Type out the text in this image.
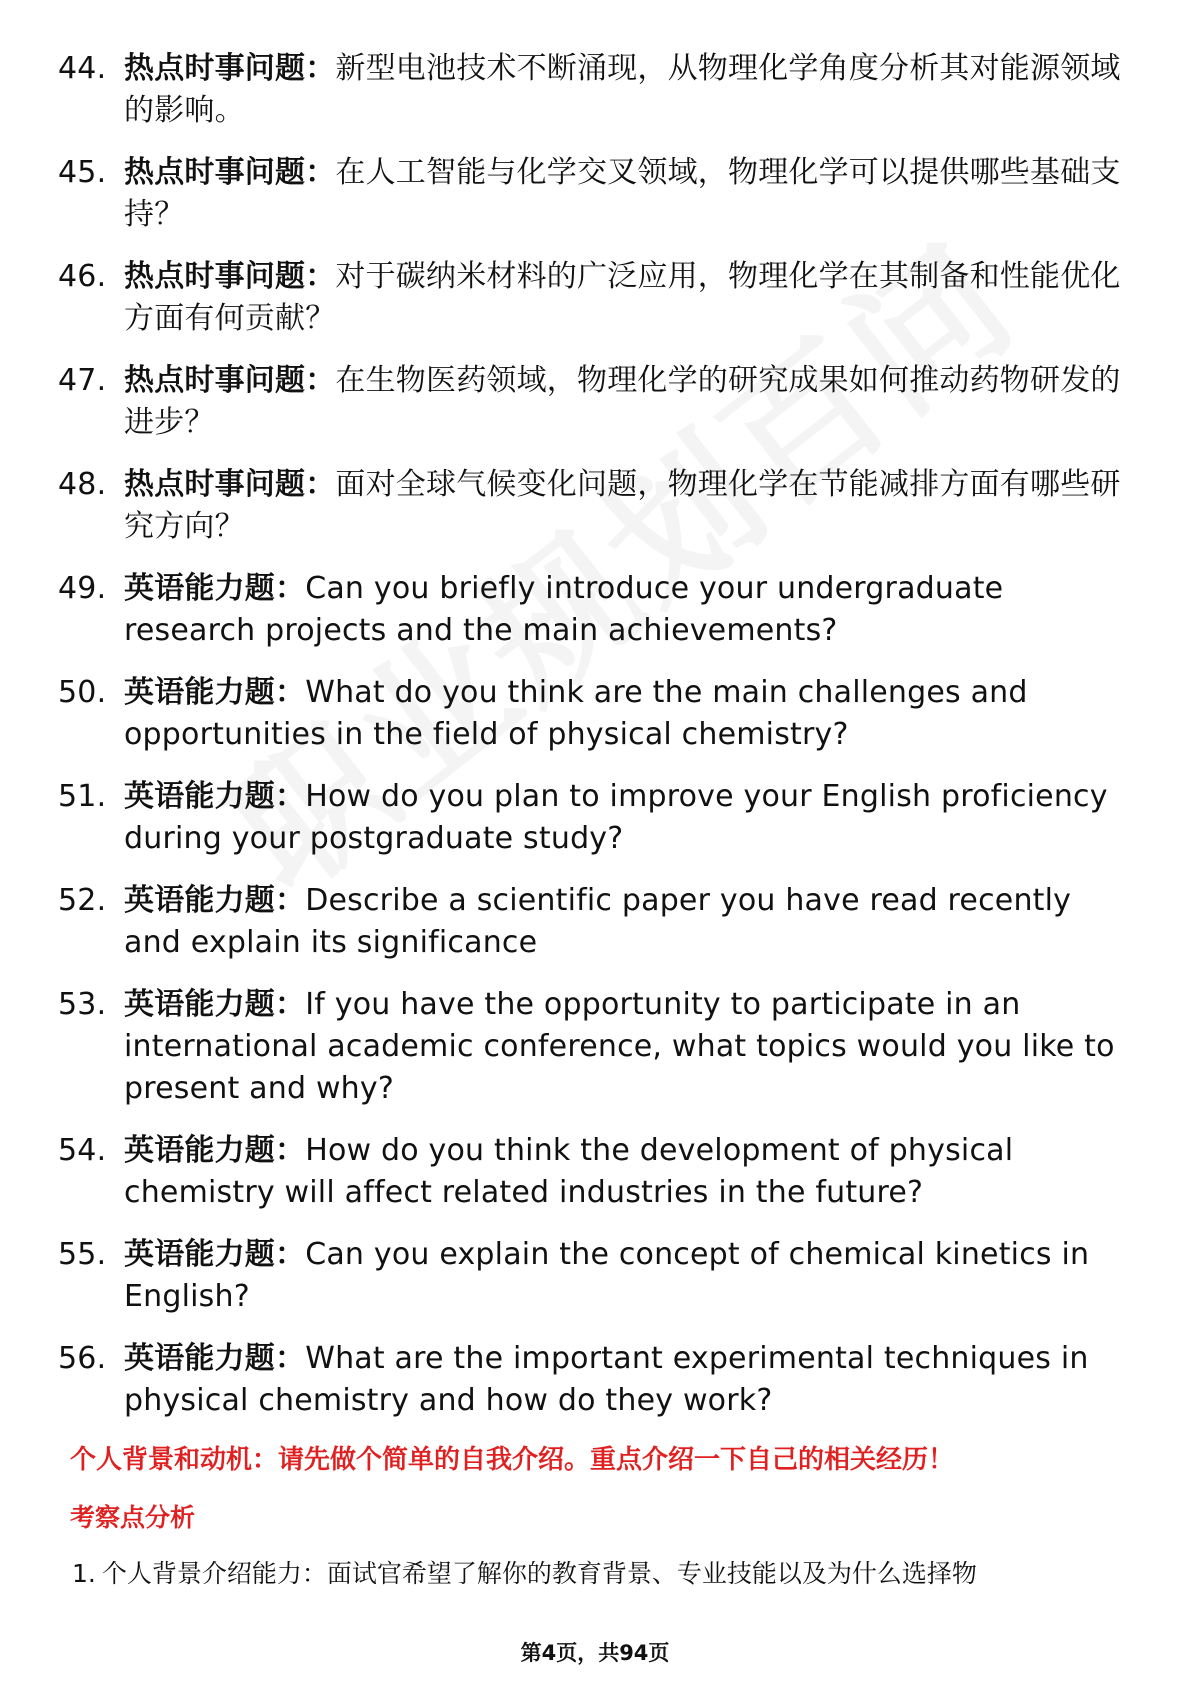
44. 热点时事问题：新型电池技术不断涌现，从物理化学角度分析其对能源领域的影响。
45. 热点时事问题：在人工智能与化学交叉领域，物理化学可以提供哪些基础支持？
46. 热点时事问题：对于碳纳米材料的广泛应用，物理化学在其制备和性能优化方面有何贡献？
47. 热点时事问题：在生物医药领域，物理化学的研究成果如何推动药物研发的进步？
48. 热点时事问题：面对全球气候变化问题，物理化学在节能减排方面有哪些研究方向？
49. 英语能力题：Can you briefly introduce your undergraduate research projects and the main achievements?
50. 英语能力题：What do you think are the main challenges and opportunities in the field of physical chemistry?
51. 英语能力题：How do you plan to improve your English proficiency during your postgraduate study?
52. 英语能力题：Describe a scientific paper you have read recently and explain its significance
53. 英语能力题：If you have the opportunity to participate in an international academic conference, what topics would you like to present and why?
54. 英语能力题：How do you think the development of physical chemistry will affect related industries in the future?
55. 英语能力题：Can you explain the concept of chemical kinetics in English?
56. 英语能力题：What are the important experimental techniques in physical chemistry and how do they work?
个人背景和动机：请先做个简单的自我介绍。重点介绍一下自己的相关经历！
考察点分析
1. 个人背景介绍能力：面试官希望了解你的教育背景、专业技能以及为什么选择物
第4页，共94页
